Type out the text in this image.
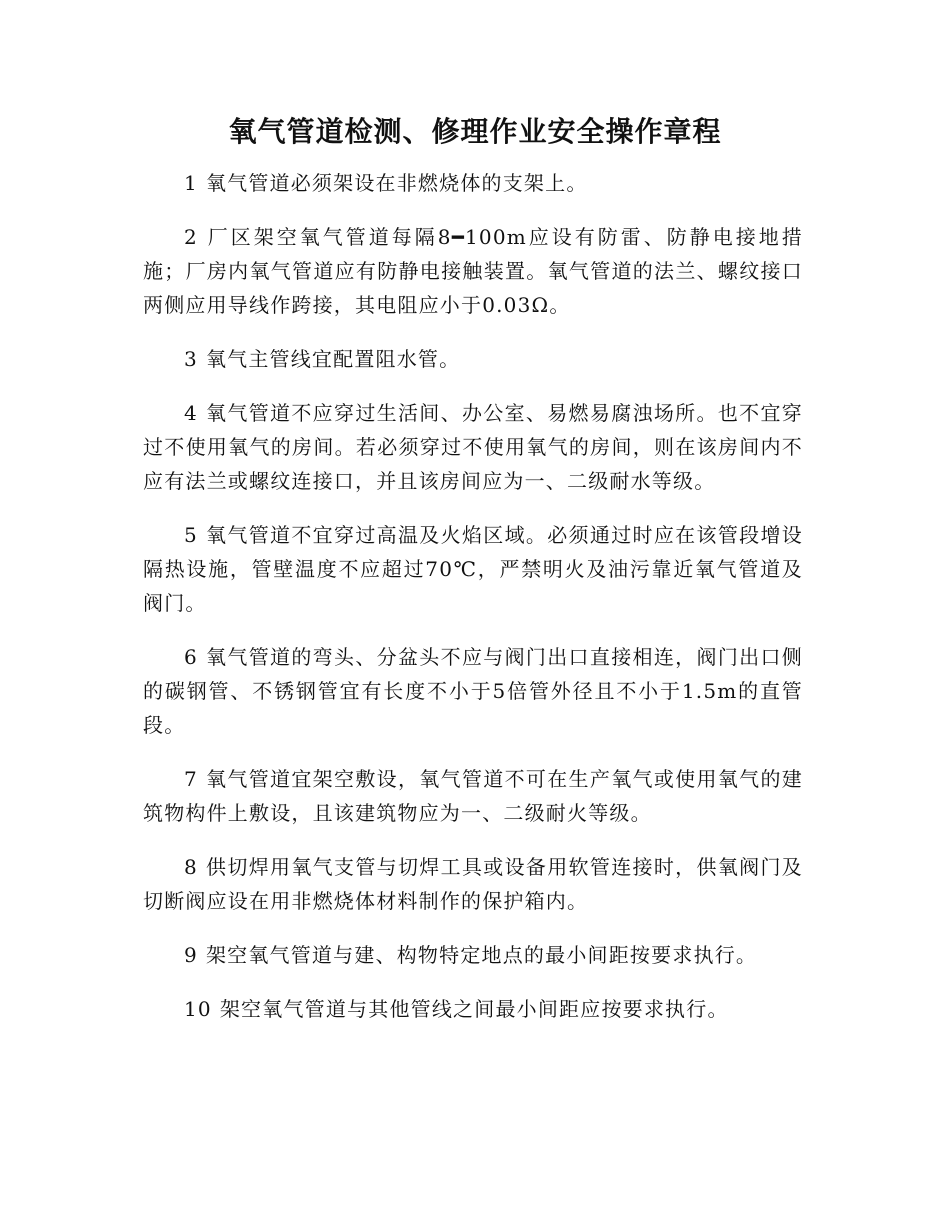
氧气管道检测、修理作业安全操作章程

1 氧气管道必须架设在非燃烧体的支架上。

2 厂区架空氧气管道每隔8━100m应设有防雷、防静电接地措施；厂房内氧气管道应有防静电接触装置。氧气管道的法兰、螺纹接口两侧应用导线作跨接，其电阻应小于0.03Ω。

3 氧气主管线宜配置阻水管。

4 氧气管道不应穿过生活间、办公室、易燃易腐浊场所。也不宜穿过不使用氧气的房间。若必须穿过不使用氧气的房间，则在该房间内不应有法兰或螺纹连接口，并且该房间应为一、二级耐水等级。

5 氧气管道不宜穿过高温及火焰区域。必须通过时应在该管段增设隔热设施，管壁温度不应超过70℃，严禁明火及油污靠近氧气管道及阀门。

6 氧气管道的弯头、分盆头不应与阀门出口直接相连，阀门出口侧的碳钢管、不锈钢管宜有长度不小于5倍管外径且不小于1.5m的直管段。

7 氧气管道宜架空敷设，氧气管道不可在生产氧气或使用氧气的建筑物构件上敷设，且该建筑物应为一、二级耐火等级。

8 供切焊用氧气支管与切焊工具或设备用软管连接时，供氧阀门及切断阀应设在用非燃烧体材料制作的保护箱内。

9 架空氧气管道与建、构物特定地点的最小间距按要求执行。

10 架空氧气管道与其他管线之间最小间距应按要求执行。
